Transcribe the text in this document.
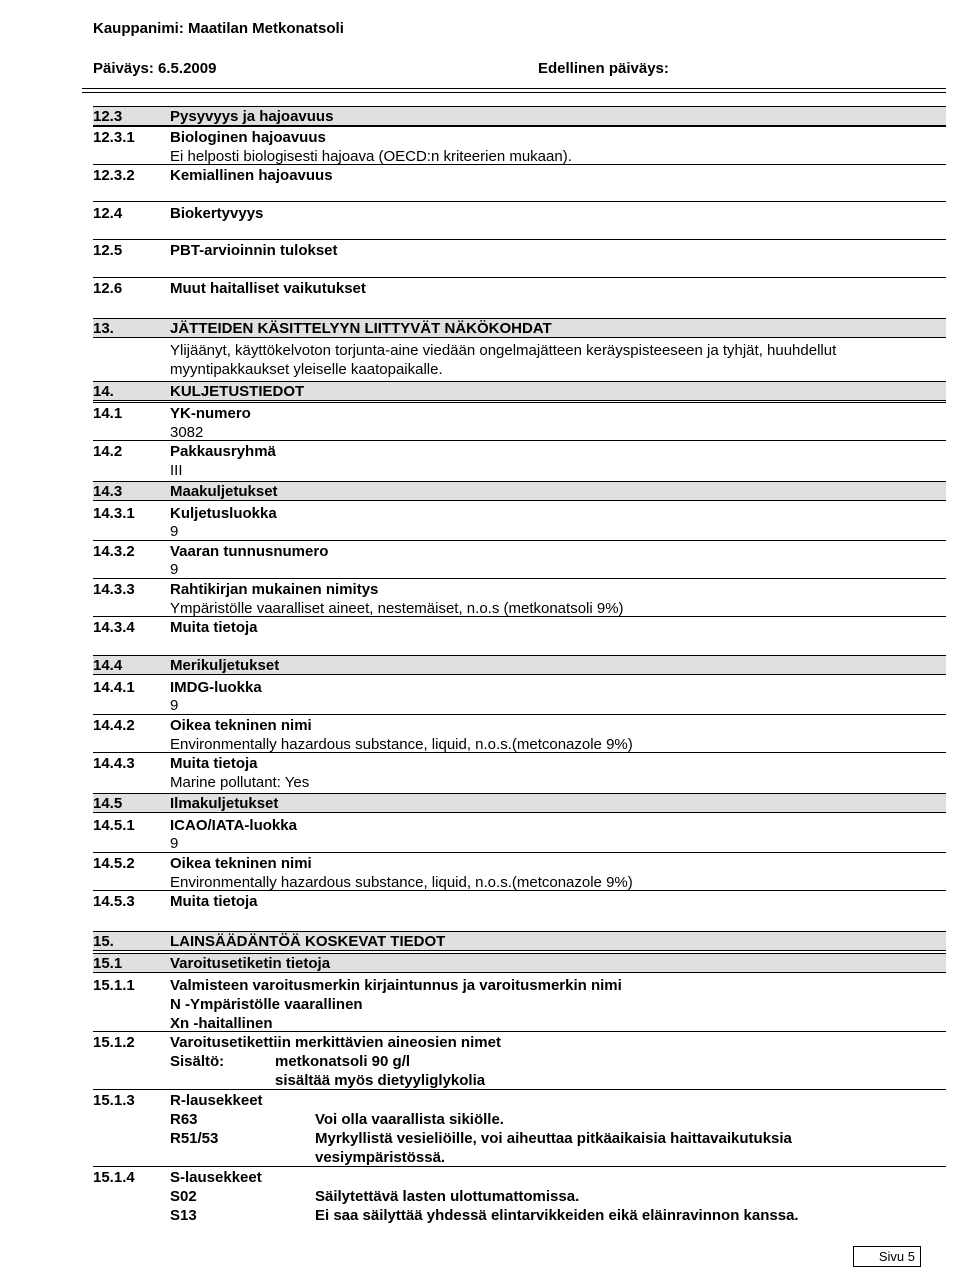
Kauppanimi: Maatilan Metkonatsoli
Päiväys: 6.5.2009	Edellinen päiväys:
12.3	Pysyvyys ja hajoavuus
12.3.1 Biologinen hajoavuus
Ei helposti biologisesti hajoava (OECD:n kriteerien mukaan).
12.3.2 Kemiallinen hajoavuus
12.4	Biokertyvyys
12.5	PBT-arvioinnin tulokset
12.6	Muut haitalliset vaikutukset
13.	JÄTTEIDEN KÄSITTELYYN LIITTYVÄT NÄKÖKOHDAT
Ylijäänyt, käyttökelvoton torjunta-aine viedään ongelmajätteen keräyspisteeseen ja tyhjät, huuhdellut
myyntipakkaukset yleiselle kaatopaikalle.
14.	KULJETUSTIEDOT
14.1	YK-numero
3082
14.2	Pakkausryhmä
III
14.3	Maakuljetukset
14.3.1 Kuljetusluokka
9
14.3.2 Vaaran tunnusnumero
9
14.3.3 Rahtikirjan mukainen nimitys
Ympäristölle vaaralliset aineet, nestemäiset, n.o.s (metkonatsoli 9%)
14.3.4 Muita tietoja
14.4	Merikuljetukset
14.4.1 IMDG-luokka
9
14.4.2 Oikea tekninen nimi
Environmentally hazardous substance, liquid, n.o.s.(metconazole 9%)
14.4.3 Muita tietoja
Marine pollutant: Yes
14.5	Ilmakuljetukset
14.5.1 ICAO/IATA-luokka
9
14.5.2 Oikea tekninen nimi
Environmentally hazardous substance, liquid, n.o.s.(metconazole 9%)
14.5.3 Muita tietoja
15.	LAINSÄÄDÄNTÖÄ KOSKEVAT TIEDOT
15.1	Varoitusetiketin tietoja
15.1.1 Valmisteen varoitusmerkin kirjaintunnus ja varoitusmerkin nimi
N -Ympäristölle vaarallinen
Xn -haitallinen
15.1.2 Varoitusetikettiin merkittävien aineosien nimet
Sisältö:	metkonatsoli 90 g/l
sisältää myös dietyyliglykolia
15.1.3 R-lausekkeet
R63	Voi olla vaarallista sikiölle.
R51/53	Myrkyllistä vesieliöille, voi aiheuttaa pitkäaikaisia haittavaikutuksia
vesiympäristössä.
15.1.4 S-lausekkeet
S02	Säilytettävä lasten ulottumattomissa.
S13	Ei saa säilyttää yhdessä elintarvikkeiden eikä eläinravinnon kanssa.
Sivu 5
